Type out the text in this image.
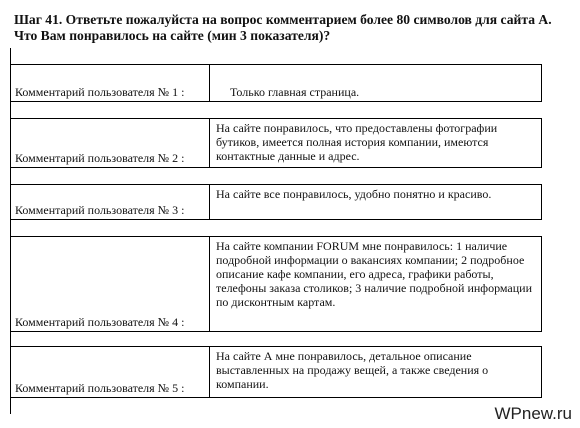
Шаг 41. Ответьте пожалуйста на вопрос комментарием более 80 символов для сайта А. Что Вам понравилось на сайте (мин 3 показателя)?

Комментарий пользователя № 1 :	Только главная страница.
Комментарий пользователя № 2 :
На сайте понравилось, что предоставлены фотографии бутиков, имеется полная история компании, имеются контактные данные и адрес.
Комментарий пользователя № 3 :
На сайте все понравилось, удобно понятно и красиво.
Комментарий пользователя № 4 :
На сайте компании FORUM мне понравилось: 1 наличие подробной информации о вакансиях компании; 2 подробное описание кафе компании, его адреса, графики работы, телефоны заказа столиков; 3 наличие подробной информации по дисконтным картам.
Комментарий пользователя № 5 :
На сайте А мне понравилось, детальное описание выставленных на продажу вещей, а также сведения о компании.
WPnew.ru
